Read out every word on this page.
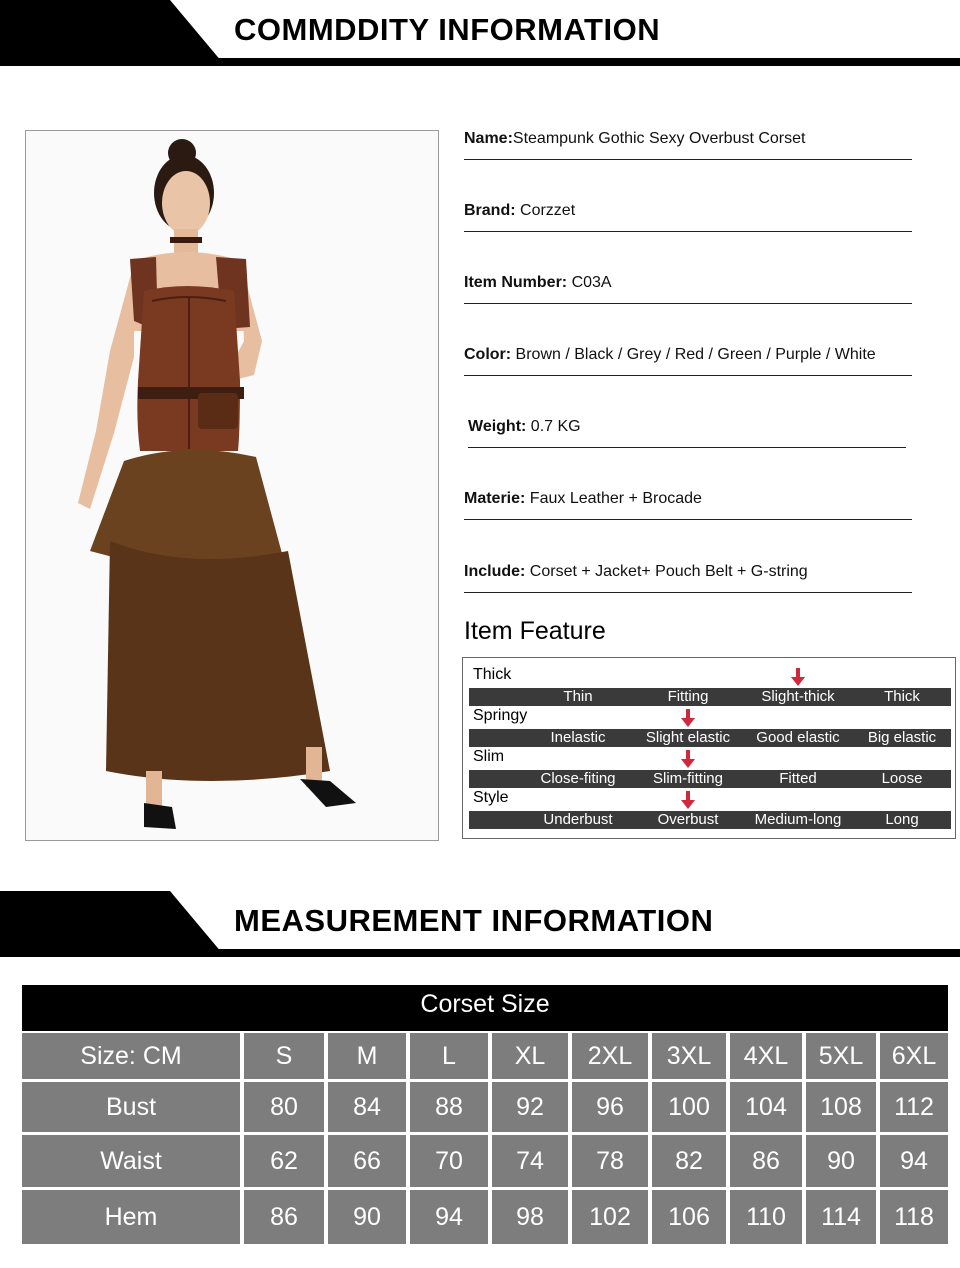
COMMDDITY INFORMATION
Name:Steampunk Gothic Sexy Overbust Corset
Brand: Corzzet
Item Number: C03A
Color: Brown / Black / Grey / Red / Green / Purple / White
Weight: 0.7 KG
Materie: Faux Leather + Brocade
Include: Corset + Jacket+ Pouch Belt + G-string
Item Feature
Thick
Thin	Fitting	Slight-thick	Thick
Springy
Inelastic	Slight elastic	Good elastic	Big elastic
Slim
Close-fiting	Slim-fitting	Fitted	Loose
Style
Underbust	Overbust	Medium-long	Long
MEASUREMENT INFORMATION
Corset Size
Size: CM	S	M	L	XL	2XL	3XL	4XL	5XL	6XL
Bust	80	84	88	92	96	100	104	108	112
Waist	62	66	70	74	78	82	86	90	94
Hem	86	90	94	98	102	106	110	114	118
